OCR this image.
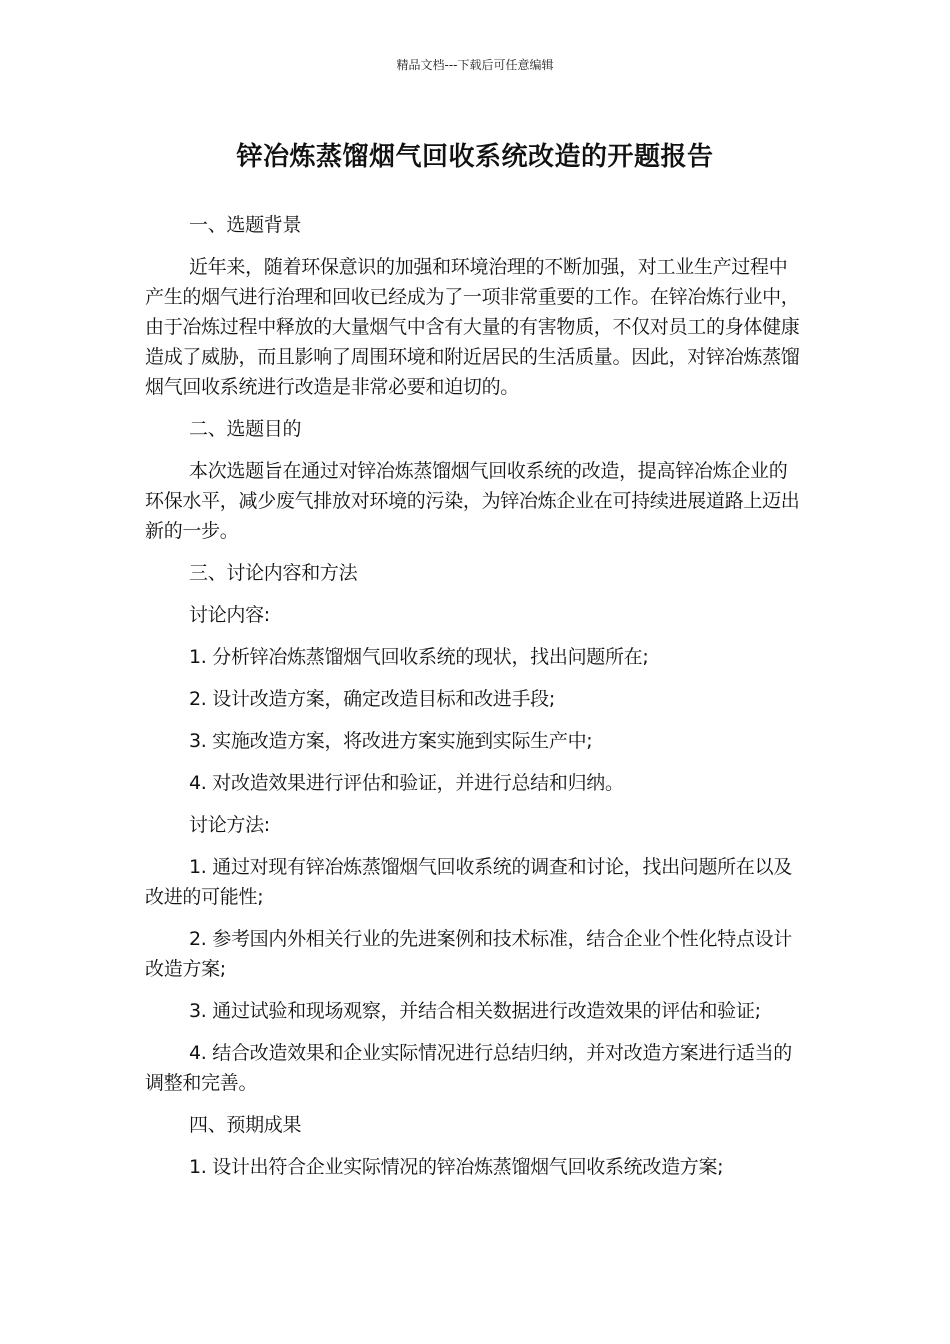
精品文档---下载后可任意编辑
锌冶炼蒸馏烟气回收系统改造的开题报告

一、选题背景

近年来，随着环保意识的加强和环境治理的不断加强，对工业生产过程中产生的烟气进行治理和回收已经成为了一项非常重要的工作。在锌冶炼行业中，由于冶炼过程中释放的大量烟气中含有大量的有害物质，不仅对员工的身体健康造成了威胁，而且影响了周围环境和附近居民的生活质量。因此，对锌冶炼蒸馏烟气回收系统进行改造是非常必要和迫切的。

二、选题目的

本次选题旨在通过对锌冶炼蒸馏烟气回收系统的改造，提高锌冶炼企业的环保水平，减少废气排放对环境的污染，为锌冶炼企业在可持续进展道路上迈出新的一步。

三、讨论内容和方法

讨论内容:

1. 分析锌冶炼蒸馏烟气回收系统的现状，找出问题所在;

2. 设计改造方案，确定改造目标和改进手段;

3. 实施改造方案，将改进方案实施到实际生产中;

4. 对改造效果进行评估和验证，并进行总结和归纳。

讨论方法:

1. 通过对现有锌冶炼蒸馏烟气回收系统的调查和讨论，找出问题所在以及改进的可能性;

2. 参考国内外相关行业的先进案例和技术标准，结合企业个性化特点设计改造方案;

3. 通过试验和现场观察，并结合相关数据进行改造效果的评估和验证;

4. 结合改造效果和企业实际情况进行总结归纳，并对改造方案进行适当的调整和完善。

四、预期成果

1. 设计出符合企业实际情况的锌冶炼蒸馏烟气回收系统改造方案;
